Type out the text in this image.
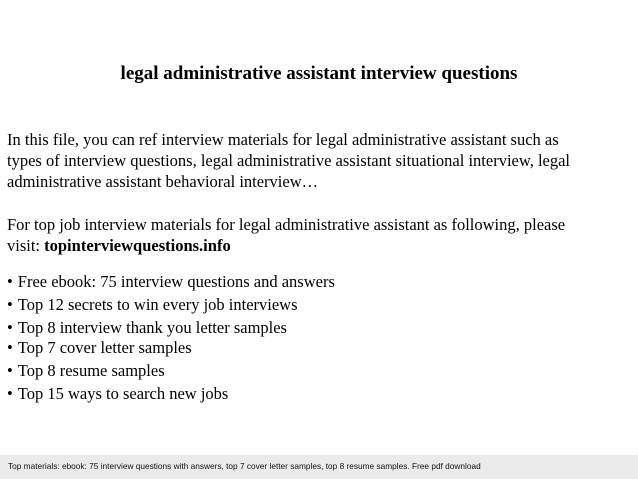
legal administrative assistant interview questions

In this file, you can ref interview materials for legal administrative assistant such as
types of interview questions, legal administrative assistant situational interview, legal
administrative assistant behavioral interview…

For top job interview materials for legal administrative assistant as following, please
visit: topinterviewquestions.info

• Free ebook: 75 interview questions and answers
• Top 12 secrets to win every job interviews
• Top 8 interview thank you letter samples
• Top 7 cover letter samples
• Top 8 resume samples
• Top 15 ways to search new jobs
Top materials: ebook: 75 interview questions with answers, top 7 cover letter samples, top 8 resume samples. Free pdf download
